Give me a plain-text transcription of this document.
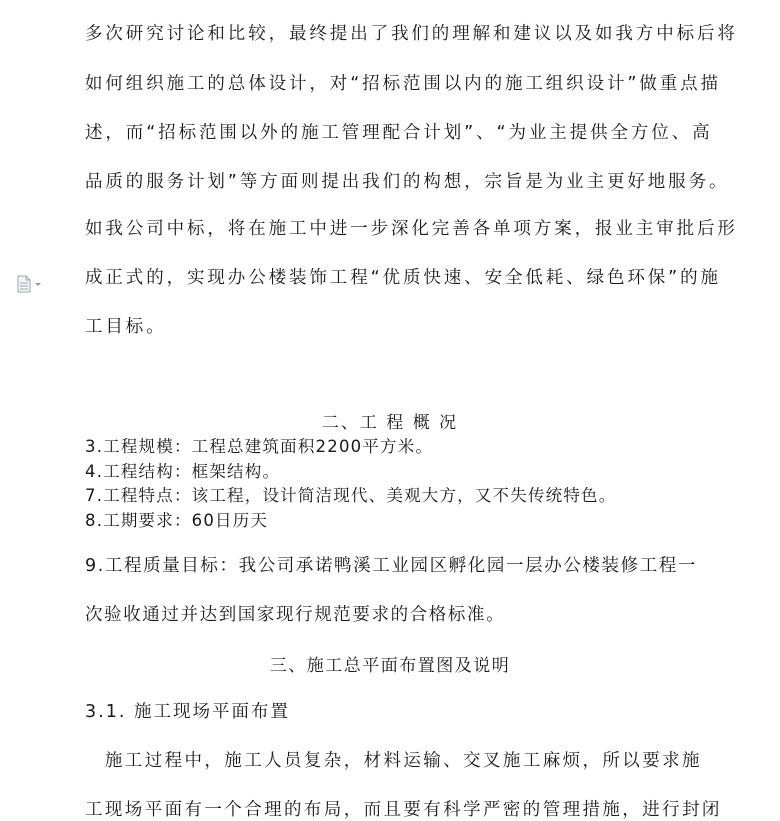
多次研究讨论和比较，最终提出了我们的理解和建议以及如我方中标后将
如何组织施工的总体设计，对“招标范围以内的施工组织设计”做重点描
述，而“招标范围以外的施工管理配合计划”、“为业主提供全方位、高
品质的服务计划”等方面则提出我们的构想，宗旨是为业主更好地服务。
如我公司中标，将在施工中进一步深化完善各单项方案，报业主审批后形
成正式的，实现办公楼装饰工程“优质快速、安全低耗、绿色环保”的施
工目标。
二、工 程 概 况
3.工程规模：工程总建筑面积2200平方米。
4.工程结构：框架结构。
7.工程特点：该工程，设计简洁现代、美观大方，又不失传统特色。
8.工期要求：60日历天
9.工程质量目标：我公司承诺鸭溪工业园区孵化园一层办公楼装修工程一
次验收通过并达到国家现行规范要求的合格标准。
三、施工总平面布置图及说明
3.1. 施工现场平面布置
　施工过程中，施工人员复杂，材料运输、交叉施工麻烦，所以要求施
工现场平面有一个合理的布局，而且要有科学严密的管理措施，进行封闭
